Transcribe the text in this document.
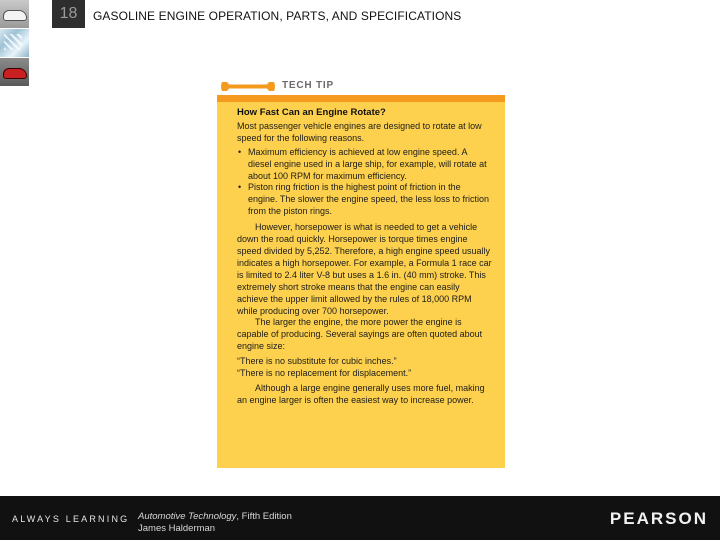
18	GASOLINE ENGINE OPERATION, PARTS, AND SPECIFICATIONS
TECH TIP
How Fast Can an Engine Rotate?

Most passenger vehicle engines are designed to rotate at low speed for the following reasons.

• Maximum efficiency is achieved at low engine speed. A diesel engine used in a large ship, for example, will rotate at about 100 RPM for maximum efficiency.
• Piston ring friction is the highest point of friction in the engine. The slower the engine speed, the less loss to friction from the piston rings.

However, horsepower is what is needed to get a vehicle down the road quickly. Horsepower is torque times engine speed divided by 5,252. Therefore, a high engine speed usually indicates a high horsepower. For example, a Formula 1 race car is limited to 2.4 liter V-8 but uses a 1.6 in. (40 mm) stroke. This extremely short stroke means that the engine can easily achieve the upper limit allowed by the rules of 18,000 RPM while producing over 700 horsepower.

The larger the engine, the more power the engine is capable of producing. Several sayings are often quoted about engine size:

“There is no substitute for cubic inches.”

“There is no replacement for displacement.”

Although a large engine generally uses more fuel, making an engine larger is often the easiest way to increase power.

ALWAYS LEARNING Automotive Technology, Fifth Edition
James Halderman
PEARSON
